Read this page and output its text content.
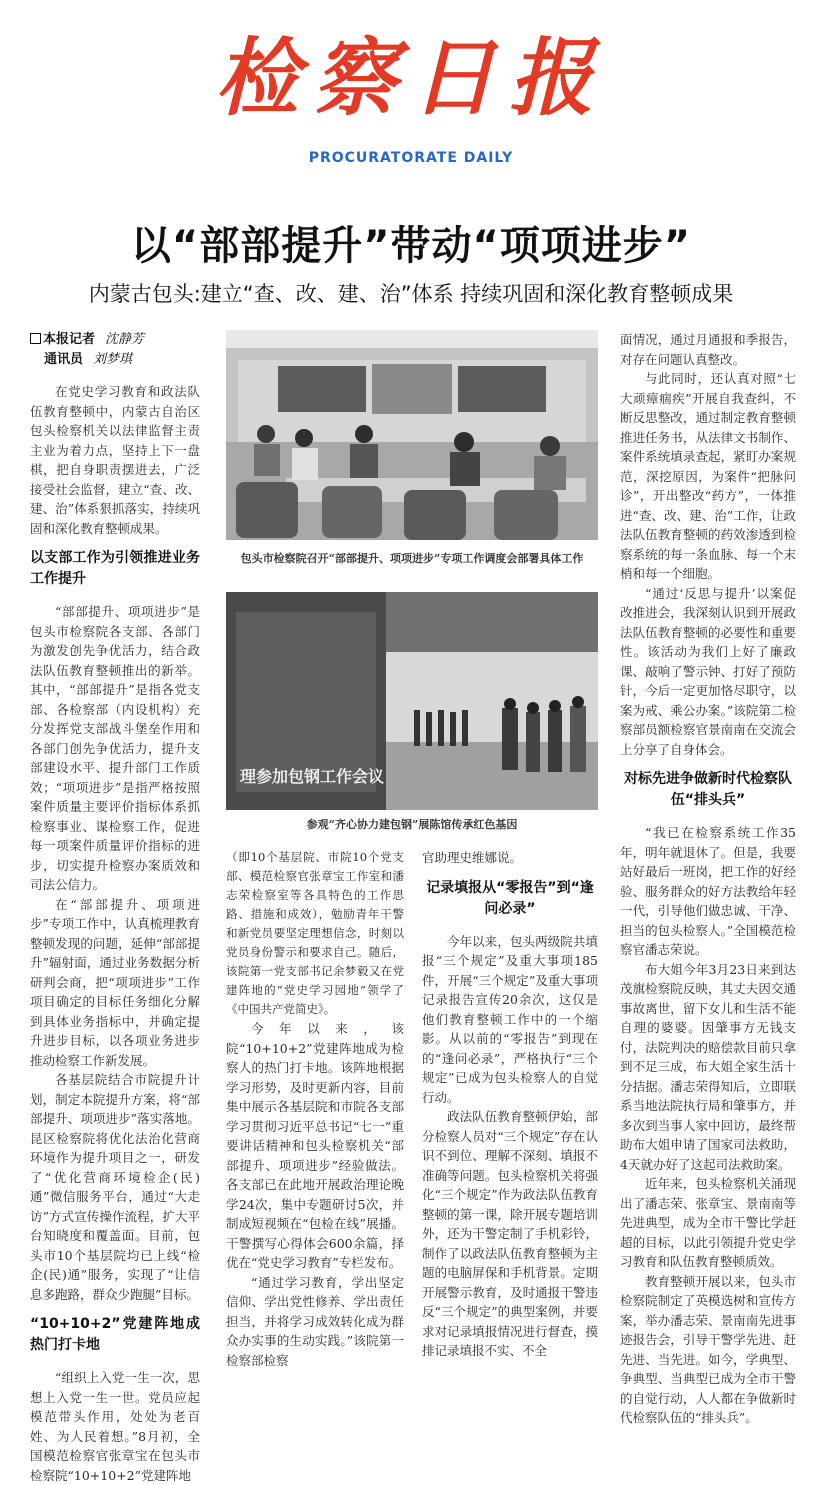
检察日报
PROCURATORATE DAILY
以“部部提升”带动“项项进步”
内蒙古包头:建立“查、改、建、治”体系 持续巩固和深化教育整顿成果
本报记者 沈静芳
通讯员 刘梦琪

在党史学习教育和政法队伍教育整顿中，内蒙古自治区包头检察机关以法律监督主责主业为着力点，坚持上下一盘棋，把自身职责摆进去，广泛接受社会监督，建立“查、改、建、治”体系狠抓落实，持续巩固和深化教育整顿成果。

以支部工作为引领推进业务工作提升

“部部提升、项项进步”是包头市检察院各支部、各部门为激发创先争优活力，结合政法队伍教育整顿推出的新举。其中，“部部提升”是指各党支部、各检察部（内设机构）充分发挥党支部战斗堡垒作用和各部门创先争优活力，提升支部建设水平、提升部门工作质效；“项项进步”是指严格按照案件质量主要评价指标体系抓检察事业、谋检察工作，促进每一项案件质量评价指标的进步，切实提升检察办案质效和司法公信力。

在“部部提升、项项进步”专项工作中，认真梳理教育整顿发现的问题，延伸“部部提升”辐射面，通过业务数据分析研判会商，把“项项进步”工作项目确定的目标任务细化分解到具体业务指标中，并确定提升进步目标，以各项业务进步推动检察工作新发展。

各基层院结合市院提升计划，制定本院提升方案，将“部部提升、项项进步”落实落地。昆区检察院将优化法治化营商环境作为提升项目之一，研发了“优化营商环境检企(民)通”微信服务平台，通过“大走访”方式宣传操作流程，扩大平台知晓度和覆盖面。目前，包头市10个基层院均已上线“检企(民)通”服务，实现了“让信息多跑路，群众少跑腿”目标。

“10+10+2”党建阵地成热门打卡地

“组织上入党一生一次，思想上入党一生一世。党员应起模范带头作用，处处为老百姓、为人民着想。”8月初，全国模范检察官张章宝在包头市检察院“10+10+2”党建阵地

包头市检察院召开“部部提升、项项进步”专项工作调度会部署具体工作
理参加包钢工作会议
参观“齐心协力建包钢”展陈馆传承红色基因

（即10个基层院、市院10个党支部、模范检察官张章宝工作室和潘志荣检察室等各具特色的工作思路、措施和成效），勉励青年干警和新党员要坚定理想信念，时刻以党员身份警示和要求自己。随后，该院第一党支部书记余梦毅又在党建阵地的“党史学习园地”领学了《中国共产党简史》。

今年以来，该院“10+10+2”党建阵地成为检察人的热门打卡地。该阵地根据学习形势，及时更新内容，目前集中展示各基层院和市院各支部学习贯彻习近平总书记“七一”重要讲话精神和包头检察机关“部部提升、项项进步”经验做法。各支部已在此地开展政治理论晚学24次，集中专题研讨5次，并制成短视频在“包检在线”展播。干警撰写心得体会600余篇，择优在“党史学习教育”专栏发布。

“通过学习教育，学出坚定信仰、学出党性修养、学出责任担当，并将学习成效转化成为群众办实事的生动实践。”该院第一检察部检察

官助理史维娜说。

记录填报从“零报告”到“逢问必录”

今年以来，包头两级院共填报“三个规定”及重大事项185件，开展“三个规定”及重大事项记录报告宣传20余次，这仅是他们教育整顿工作中的一个缩影。从以前的“零报告”到现在的“逢问必录”，严格执行“三个规定”已成为包头检察人的自觉行动。

政法队伍教育整顿伊始，部分检察人员对“三个规定”存在认识不到位、理解不深刻、填报不准确等问题。包头检察机关将强化“三个规定”作为政法队伍教育整顿的第一课，除开展专题培训外，还为干警定制了手机彩铃，制作了以政法队伍教育整顿为主题的电脑屏保和手机背景。定期开展警示教育，及时通报干警违反“三个规定”的典型案例，并要求对记录填报情况进行督查，摸排记录填报不实、不全

面情况，通过月通报和季报告，对存在问题认真整改。

与此同时，还认真对照“七大顽瘴痼疾”开展自我查纠，不断反思整改，通过制定教育整顿推进任务书，从法律文书制作、案件系统填录查起，紧盯办案规范，深挖原因，为案件“把脉问诊”，开出整改“药方”，一体推进“查、改、建、治”工作，让政法队伍教育整顿的药效渗透到检察系统的每一条血脉、每一个末梢和每一个细胞。

“通过‘反思与提升’以案促改推进会，我深刻认识到开展政法队伍教育整顿的必要性和重要性。该活动为我们上好了廉政课、敲响了警示钟、打好了预防针，今后一定更加恪尽职守，以案为戒、乘公办案。”该院第二检察部员额检察官景南南在交流会上分享了自身体会。

对标先进争做新时代检察队伍“排头兵”

“我已在检察系统工作35年，明年就退休了。但是，我要站好最后一班岗，把工作的好经验、服务群众的好方法教给年轻一代，引导他们做忠诚、干净、担当的包头检察人。”全国模范检察官潘志荣说。

布大姐今年3月23日来到达茂旗检察院反映，其丈夫因交通事故离世，留下女儿和生活不能自理的婆婆。因肇事方无钱支付，法院判决的赔偿款目前只拿到不足三成，布大姐全家生活十分拮据。潘志荣得知后，立即联系当地法院执行局和肇事方，并多次到当事人家中回访，最终帮助布大姐申请了国家司法救助，4天就办好了这起司法救助案。

近年来，包头检察机关涌现出了潘志荣、张章宝、景南南等先进典型，成为全市干警比学赶超的目标，以此引领提升党史学习教育和队伍教育整顿质效。

教育整顿开展以来，包头市检察院制定了英模选树和宣传方案，举办潘志荣、景南南先进事迹报告会，引导干警学先进、赶先进、当先进。如今，学典型、争典型、当典型已成为全市干警的自觉行动，人人都在争做新时代检察队伍的“排头兵”。
